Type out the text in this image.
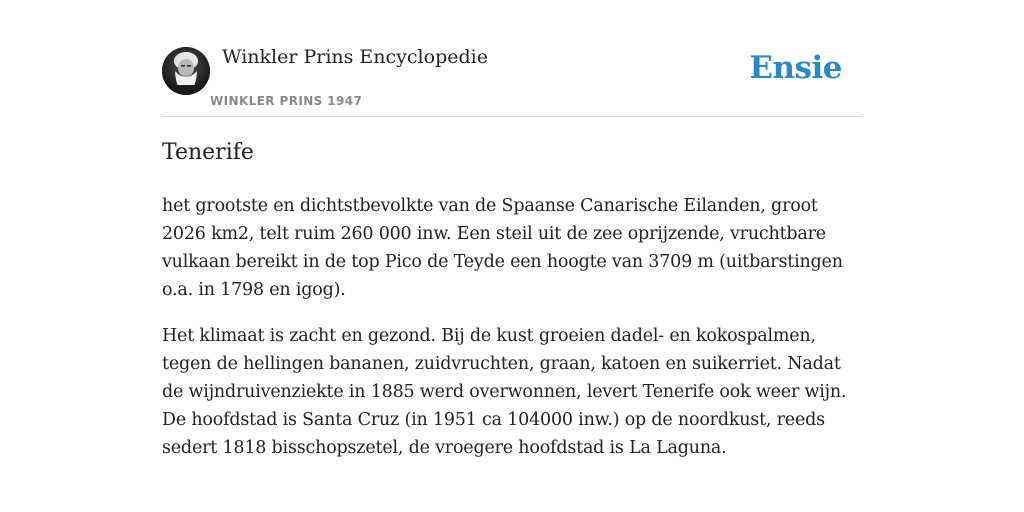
Winkler Prins Encyclopedie
WINKLER PRINS 1947
Ensie
Tenerife

het grootste en dichtstbevolkte van de Spaanse Canarische Eilanden, groot 2026 km2, telt ruim 260 000 inw. Een steil uit de zee oprijzende, vruchtbare vulkaan bereikt in de top Pico de Teyde een hoogte van 3709 m (uitbarstingen o.a. in 1798 en igog).

Het klimaat is zacht en gezond. Bij de kust groeien dadel- en kokospalmen, tegen de hellingen bananen, zuidvruchten, graan, katoen en suikerriet. Nadat de wijndruivenziekte in 1885 werd overwonnen, levert Tenerife ook weer wijn. De hoofdstad is Santa Cruz (in 1951 ca 104000 inw.) op de noordkust, reeds sedert 1818 bisschopszetel, de vroegere hoofdstad is La Laguna.
